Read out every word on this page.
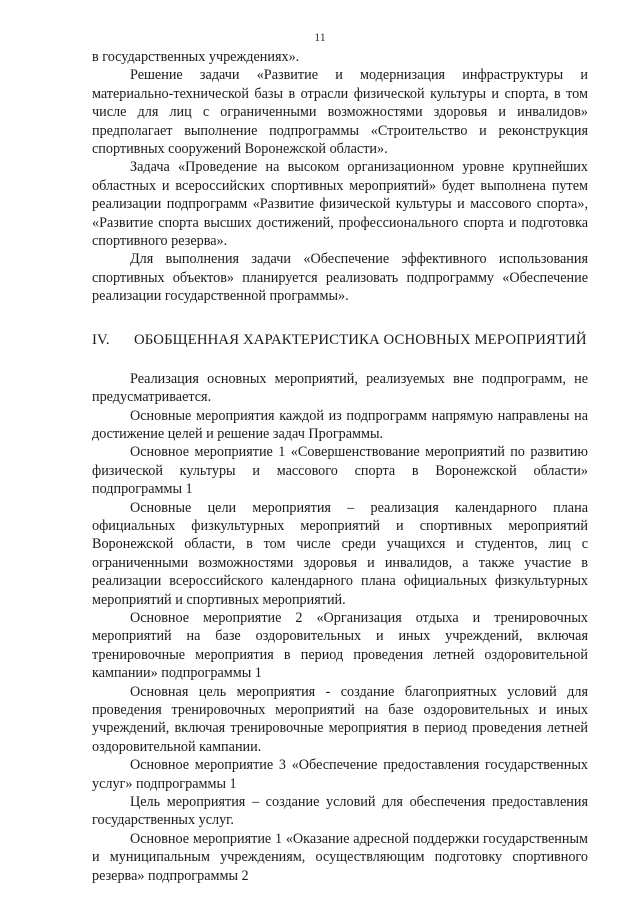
11

в государственных учреждениях».

Решение задачи «Развитие и модернизация инфраструктуры и материально-технической базы в отрасли физической культуры и спорта, в том числе для лиц с ограниченными возможностями здоровья и инвалидов» предполагает выполнение подпрограммы «Строительство и реконструкция спортивных сооружений Воронежской области».

Задача «Проведение на высоком организационном уровне крупнейших областных и всероссийских спортивных мероприятий» будет выполнена путем реализации подпрограмм «Развитие физической культуры и массового спорта», «Развитие спорта высших достижений, профессионального спорта и подготовка спортивного резерва».

Для выполнения задачи «Обеспечение эффективного использования спортивных объектов» планируется реализовать подпрограмму «Обеспечение реализации государственной программы».

IV.	ОБОБЩЕННАЯ ХАРАКТЕРИСТИКА ОСНОВНЫХ МЕРОПРИЯТИЙ

Реализация основных мероприятий, реализуемых вне подпрограмм, не предусматривается.

Основные мероприятия каждой из подпрограмм напрямую направлены на достижение целей и решение задач Программы.

Основное мероприятие 1 «Совершенствование мероприятий по развитию физической культуры и массового спорта в Воронежской области» подпрограммы 1

Основные цели мероприятия – реализация календарного плана официальных физкультурных мероприятий и спортивных мероприятий Воронежской области, в том числе среди учащихся и студентов, лиц с ограниченными возможностями здоровья и инвалидов, а также участие в реализации всероссийского календарного плана официальных физкультурных мероприятий и спортивных мероприятий.

Основное мероприятие 2 «Организация отдыха и тренировочных мероприятий на базе оздоровительных и иных учреждений, включая тренировочные мероприятия в период проведения летней оздоровительной кампании» подпрограммы 1

Основная цель мероприятия - создание благоприятных условий для проведения тренировочных мероприятий на базе оздоровительных и иных учреждений, включая тренировочные мероприятия в период проведения летней оздоровительной кампании.

Основное мероприятие 3 «Обеспечение предоставления государственных услуг» подпрограммы 1

Цель мероприятия – создание условий для обеспечения предоставления государственных услуг.

Основное мероприятие 1 «Оказание адресной поддержки государственным и муниципальным учреждениям, осуществляющим подготовку спортивного резерва» подпрограммы 2
